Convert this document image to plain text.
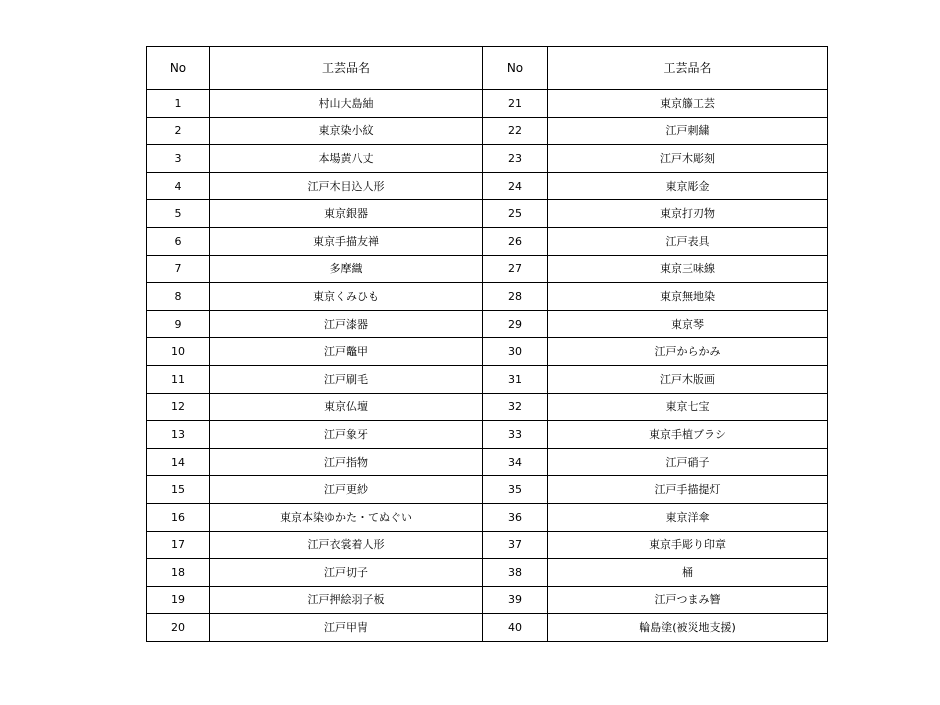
No	工芸品名	No	工芸品名
1	村山大島紬	21	東京籐工芸
2	東京染小紋	22	江戸刺繍
3	本場黄八丈	23	江戸木彫刻
4	江戸木目込人形	24	東京彫金
5	東京銀器	25	東京打刃物
6	東京手描友禅	26	江戸表具
7	多摩織	27	東京三味線
8	東京くみひも	28	東京無地染
9	江戸漆器	29	東京琴
10	江戸鼈甲	30	江戸からかみ
11	江戸刷毛	31	江戸木版画
12	東京仏壇	32	東京七宝
13	江戸象牙	33	東京手植ブラシ
14	江戸指物	34	江戸硝子
15	江戸更紗	35	江戸手描提灯
16	東京本染ゆかた・てぬぐい	36	東京洋傘
17	江戸衣裳着人形	37	東京手彫り印章
18	江戸切子	38	桶
19	江戸押絵羽子板	39	江戸つまみ簪
20	江戸甲冑	40	輪島塗(被災地支援)
